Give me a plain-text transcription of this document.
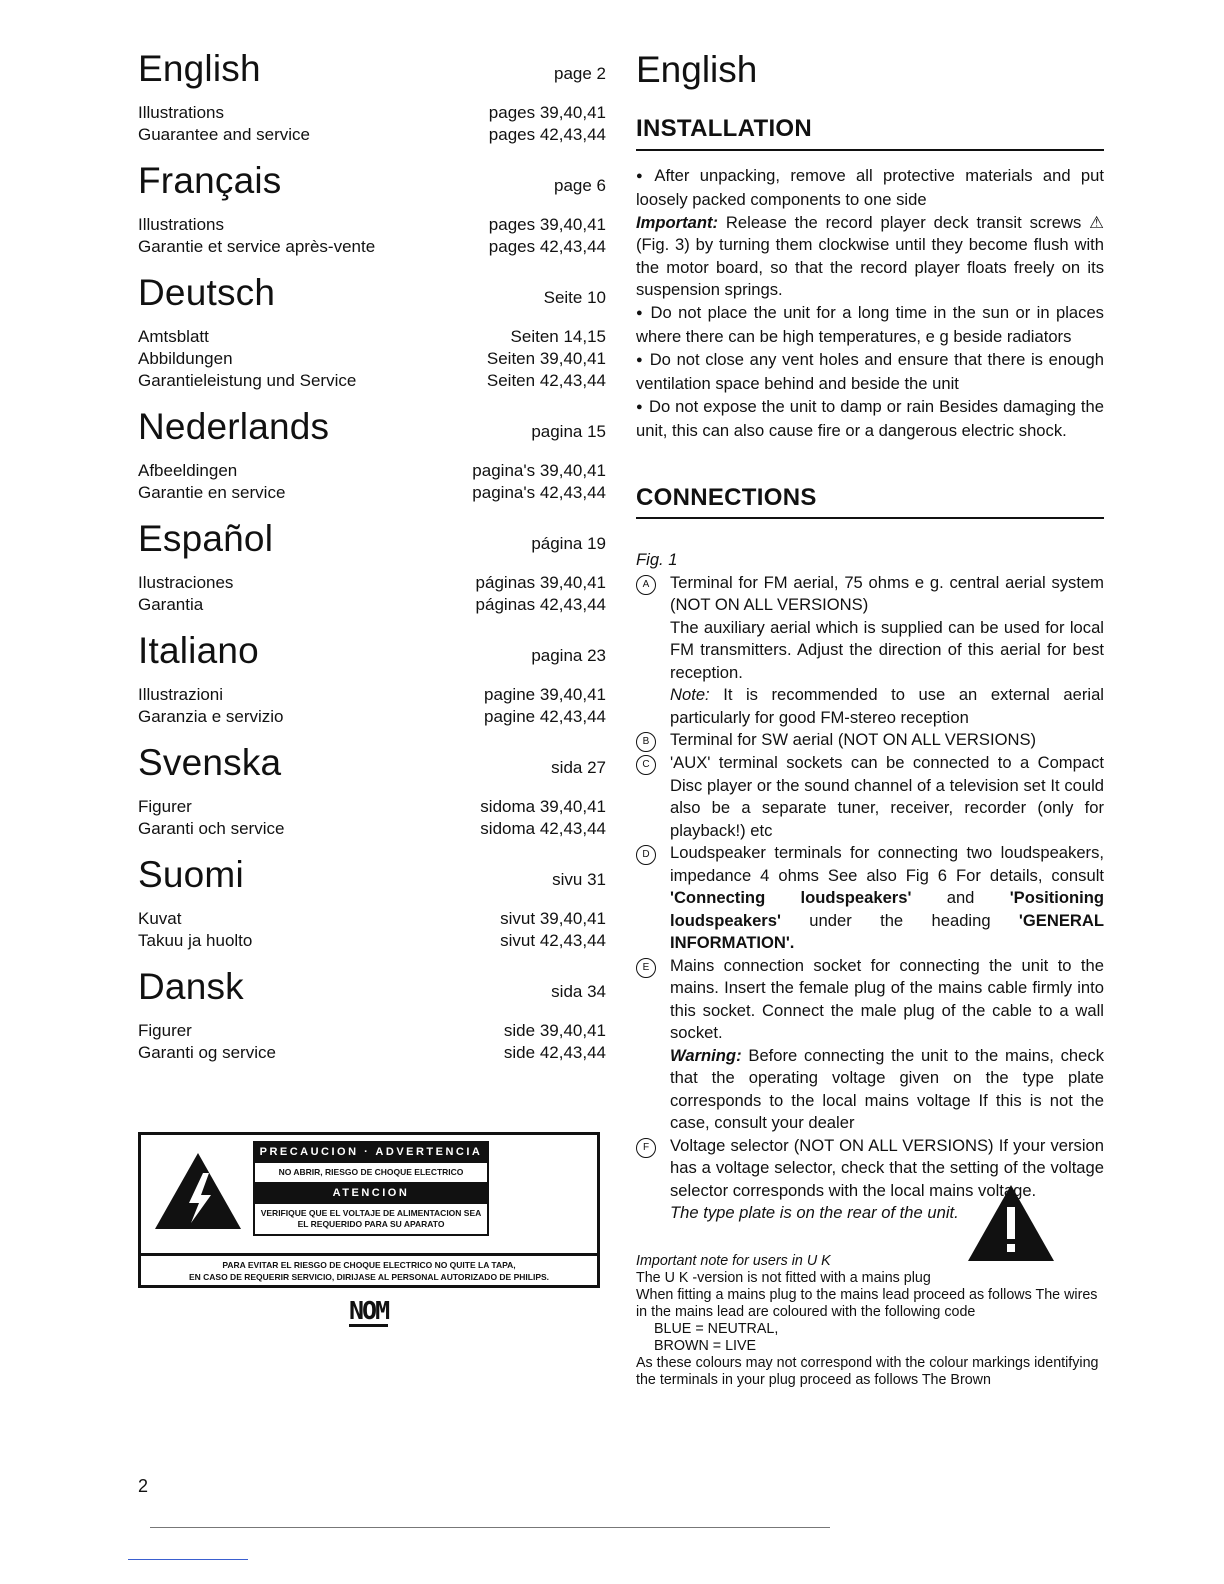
English	page 2
Illustrations	pages 39,40,41
Guarantee and service	pages 42,43,44
Français	page 6
Illustrations	pages 39,40,41
Garantie et service après-vente	pages 42,43,44
Deutsch	Seite 10
Amtsblatt	Seiten 14,15
Abbildungen	Seiten 39,40,41
Garantieleistung und Service	Seiten 42,43,44
Nederlands	pagina 15
Afbeeldingen	pagina's 39,40,41
Garantie en service	pagina's 42,43,44
Español	página 19
Ilustraciones	páginas 39,40,41
Garantia	páginas 42,43,44
Italiano	pagina 23
Illustrazioni	pagine 39,40,41
Garanzia e servizio	pagine 42,43,44
Svenska	sida 27
Figurer	sidoma 39,40,41
Garanti och service	sidoma 42,43,44
Suomi	sivu 31
Kuvat	sivut 39,40,41
Takuu ja huolto	sivut 42,43,44
Dansk	sida 34
Figurer	side 39,40,41
Garanti og service	side 42,43,44
PRECAUCION · ADVERTENCIA
NO ABRIR, RIESGO DE CHOQUE ELECTRICO
ATENCION
VERIFIQUE QUE EL VOLTAJE DE ALIMENTACION SEA EL REQUERIDO PARA SU APARATO
PARA EVITAR EL RIESGO DE CHOQUE ELECTRICO NO QUITE LA TAPA,
EN CASO DE REQUERIR SERVICIO, DIRIJASE AL PERSONAL AUTORIZADO DE PHILIPS.
NOM
2
English
INSTALLATION
● After unpacking, remove all protective materials and put loosely packed components to one side
Important: Release the record player deck transit screws ⚠ (Fig. 3) by turning them clockwise until they become flush with the motor board, so that the record player floats freely on its suspension springs.
● Do not place the unit for a long time in the sun or in places where there can be high temperatures, e g beside radiators
● Do not close any vent holes and ensure that there is enough ventilation space behind and beside the unit
● Do not expose the unit to damp or rain Besides damaging the unit, this can also cause fire or a dangerous electric shock.
CONNECTIONS
Fig. 1
A	Terminal for FM aerial, 75 ohms e g. central aerial system (NOT ON ALL VERSIONS)
The auxiliary aerial which is supplied can be used for local FM transmitters. Adjust the direction of this aerial for best reception.
Note: It is recommended to use an external aerial particularly for good FM-stereo reception
B	Terminal for SW aerial (NOT ON ALL VERSIONS)
C	'AUX' terminal sockets can be connected to a Compact Disc player or the sound channel of a television set It could also be a separate tuner, receiver, recorder (only for playback!) etc
D	Loudspeaker terminals for connecting two loudspeakers, impedance 4 ohms See also Fig 6 For details, consult 'Connecting loudspeakers' and 'Positioning loudspeakers' under the heading 'GENERAL INFORMATION'.
E	Mains connection socket for connecting the unit to the mains. Insert the female plug of the mains cable firmly into this socket. Connect the male plug of the cable to a wall socket.
Warning: Before connecting the unit to the mains, check that the operating voltage given on the type plate corresponds to the local mains voltage If this is not the case, consult your dealer
F	Voltage selector (NOT ON ALL VERSIONS) If your version has a voltage selector, check that the setting of the voltage selector corresponds with the local mains voltage.
The type plate is on the rear of the unit.
Important note for users in U K
The U K -version is not fitted with a mains plug
When fitting a mains plug to the mains lead proceed as follows The wires in the mains lead are coloured with the following code
BLUE = NEUTRAL,
BROWN = LIVE
As these colours may not correspond with the colour markings identifying the terminals in your plug proceed as follows The Brown
